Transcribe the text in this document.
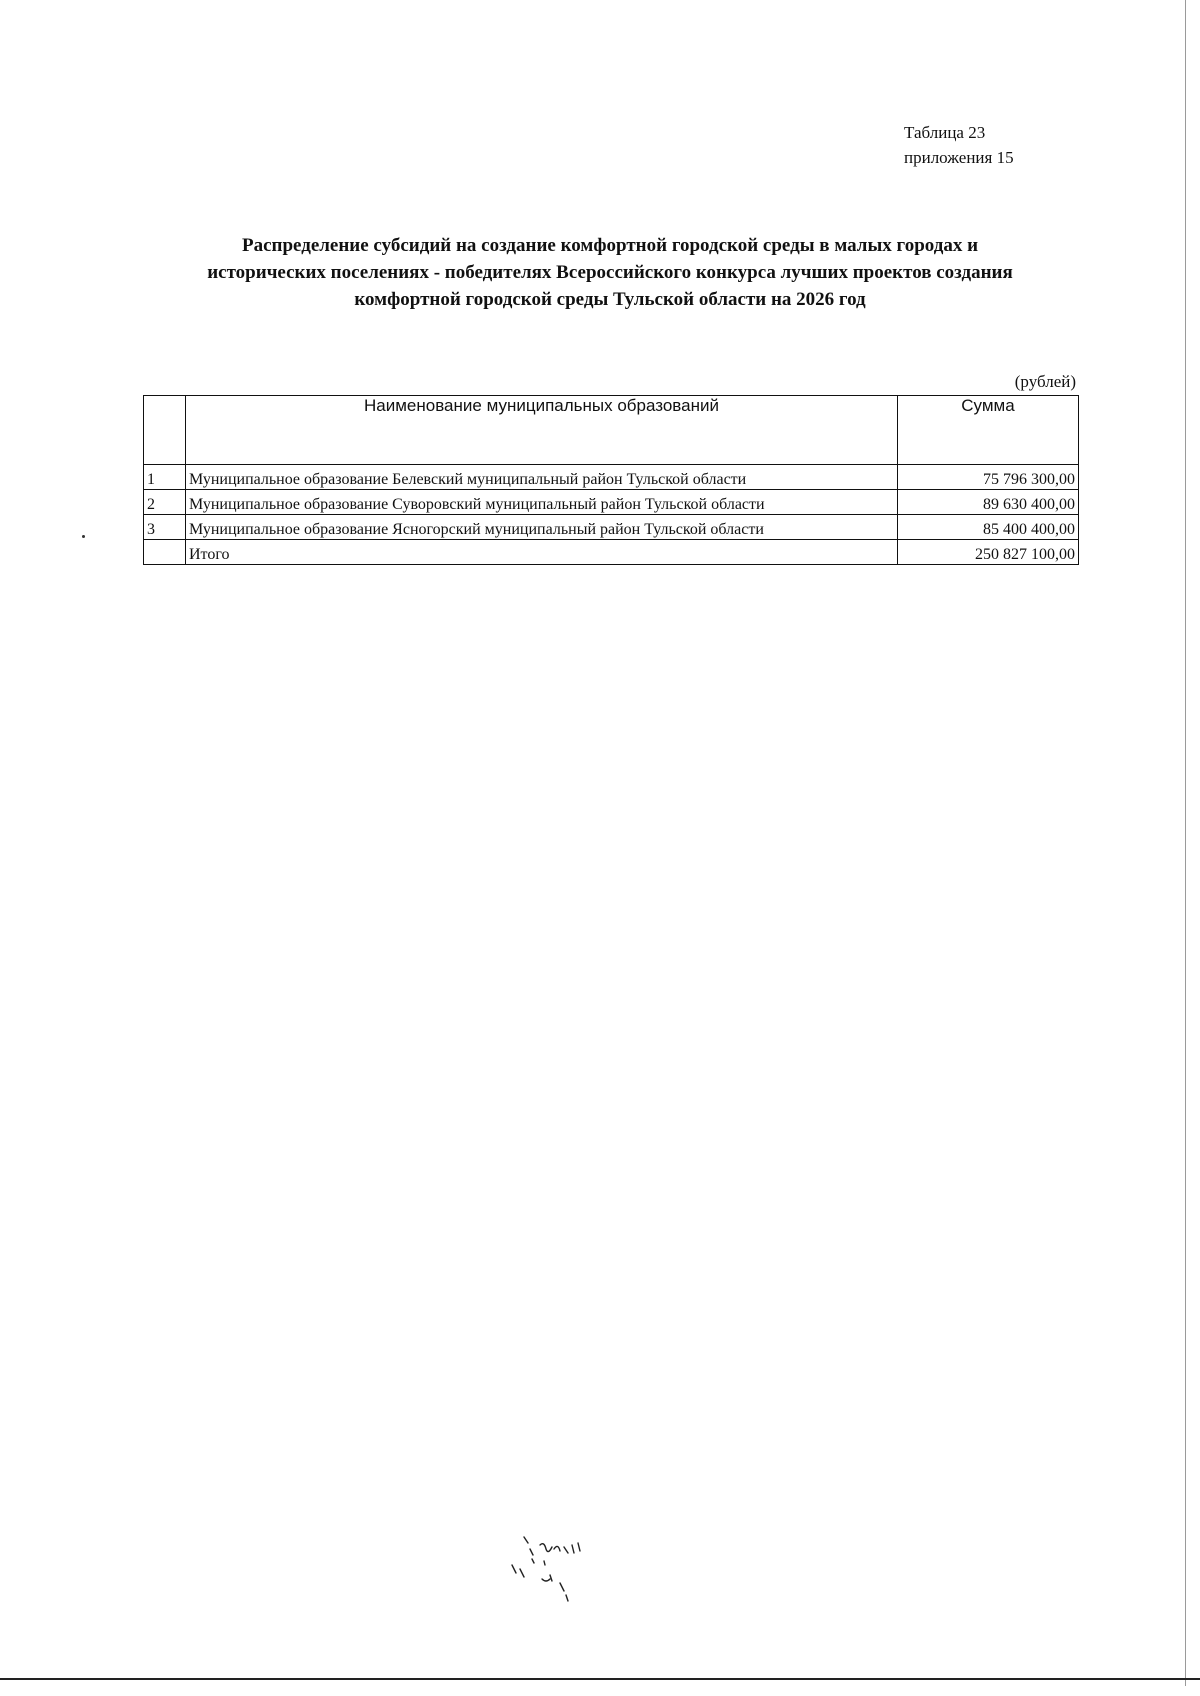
Таблица 23
приложения 15
Распределение субсидий на создание комфортной городской среды в малых городах и
исторических поселениях - победителях Всероссийского конкурса лучших проектов создания
комфортной городской среды Тульской области на 2026 год
(рублей)
	Наименование муниципальных образований	Сумма
1	Муниципальное образование Белевский муниципальный район Тульской области	75 796 300,00
2	Муниципальное образование Суворовский муниципальный район Тульской области	89 630 400,00
3	Муниципальное образование Ясногорский муниципальный район Тульской области	85 400 400,00
	Итого	250 827 100,00
